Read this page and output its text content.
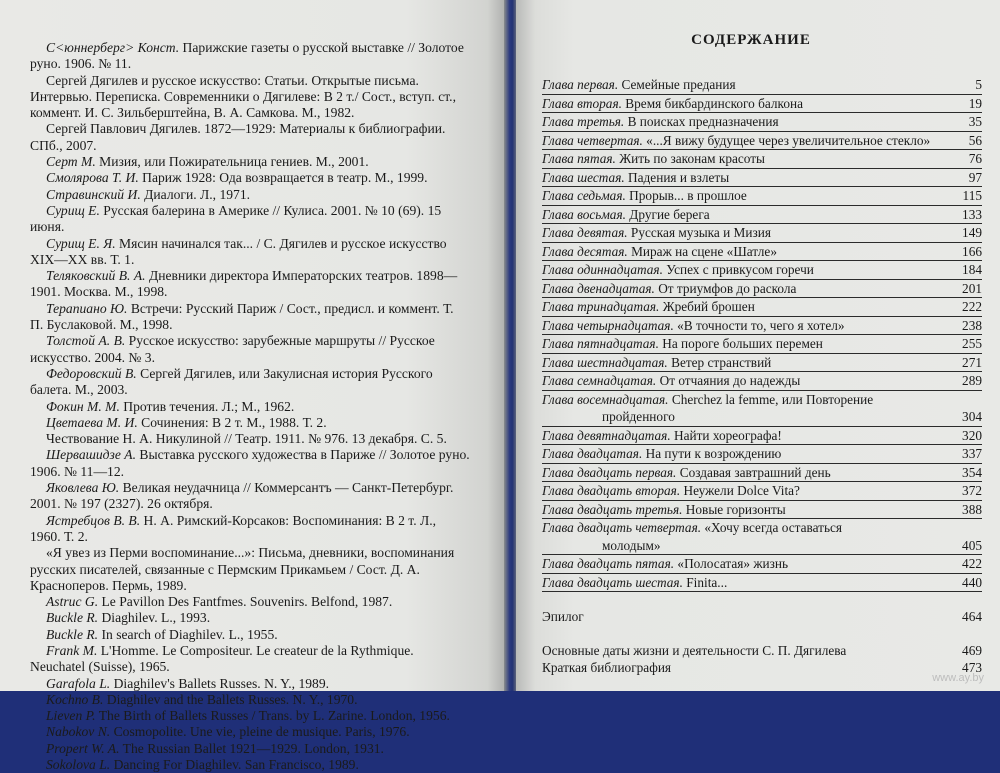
С<юннерберг> Конст. Парижские газеты о русской выставке // Золотое руно. 1906. № 11.

Сергей Дягилев и русское искусство: Статьи. Открытые письма. Интервью. Переписка. Современники о Дягилеве: В 2 т./ Сост., вступ. ст., коммент. И. С. Зильберштейна, В. А. Самкова. М., 1982.

Сергей Павлович Дягилев. 1872—1929: Материалы к библиографии. СПб., 2007.

Серт М. Мизия, или Пожирательница гениев. М., 2001.

Смолярова Т. И. Париж 1928: Ода возвращается в театр. М., 1999.

Стравинский И. Диалоги. Л., 1971.

Сурищ Е. Русская балерина в Америке // Кулиса. 2001. № 10 (69). 15 июня.

Сурищ Е. Я. Мясин начинался так... / С. Дягилев и русское искусство XIX—XX вв. Т. 1.

Теляковский В. А. Дневники директора Императорских театров. 1898—1901. Москва. М., 1998.

Терапиано Ю. Встречи: Русский Париж / Сост., предисл. и коммент. Т. П. Буслаковой. М., 1998.

Толстой А. В. Русское искусство: зарубежные маршруты // Русское искусство. 2004. № 3.

Федоровский В. Сергей Дягилев, или Закулисная история Русского балета. М., 2003.

Фокин М. М. Против течения. Л.; М., 1962.

Цветаева М. И. Сочинения: В 2 т. М., 1988. Т. 2.

Чествование Н. А. Никулиной // Театр. 1911. № 976. 13 декабря. С. 5.

Шервашидзе А. Выставка русского художества в Париже // Золотое руно. 1906. № 11—12.

Яковлева Ю. Великая неудачница // Коммерсантъ — Санкт-Петербург. 2001. № 197 (2327). 26 октября.

Ястребцов В. В. Н. А. Римский-Корсаков: Воспоминания: В 2 т. Л., 1960. Т. 2.

«Я увез из Перми воспоминание...»: Письма, дневники, воспоминания русских писателей, связанные с Пермским Прикамьем / Сост. Д. А. Красноперов. Пермь, 1989.

Astruc G. Le Pavillon Des Fantfmes. Souvenirs. Belfond, 1987.

Buckle R. Diaghilev. L., 1993.

Buckle R. In search of Diaghilev. L., 1955.

Frank M. L'Homme. Le Compositeur. Le createur de la Rythmique. Neuchatel (Suisse), 1965.

Garafola L. Diaghilev's Ballets Russes. N. Y., 1989.

Kochno B. Diaghilev and the Ballets Russes. N. Y., 1970.

Lieven P. The Birth of Ballets Russes / Trans. by L. Zarine. London, 1956.

Nabokov N. Cosmopolite. Une vie, pleine de musique. Paris, 1976.

Propert W. A. The Russian Ballet 1921—1929. London, 1931.

Sokolova L. Dancing For Diaghilev. San Francisco, 1989.

СОДЕРЖАНИЕ
Глава первая. Семейные предания	5
Глава вторая. Время бикбардинского балкона	19
Глава третья. В поисках предназначения	35
Глава четвертая. «...Я вижу будущее через увеличительное стекло»	56
Глава пятая. Жить по законам красоты	76
Глава шестая. Падения и взлеты	97
Глава седьмая. Прорыв... в прошлое	115
Глава восьмая. Другие берега	133
Глава девятая. Русская музыка и Мизия	149
Глава десятая. Мираж на сцене «Шатле»	166
Глава одиннадцатая. Успех с привкусом горечи	184
Глава двенадцатая. От триумфов до раскола	201
Глава тринадцатая. Жребий брошен	222
Глава четырнадцатая. «В точности то, чего я хотел»	238
Глава пятнадцатая. На пороге больших перемен	255
Глава шестнадцатая. Ветер странствий	271
Глава семнадцатая. От отчаяния до надежды	289
Глава восемнадцатая. Cherchez la femme, или Повторение
пройденного	304
Глава девятнадцатая. Найти хореографа!	320
Глава двадцатая. На пути к возрождению	337
Глава двадцать первая. Создавая завтрашний день	354
Глава двадцать вторая. Неужели Dolce Vita?	372
Глава двадцать третья. Новые горизонты	388
Глава двадцать четвертая. «Хочу всегда оставаться
молодым»	405
Глава двадцать пятая. «Полосатая» жизнь	422
Глава двадцать шестая. Finita...	440
Эпилог	464
Основные даты жизни и деятельности С. П. Дягилева	469
Краткая библиография	473
www.ay.by
